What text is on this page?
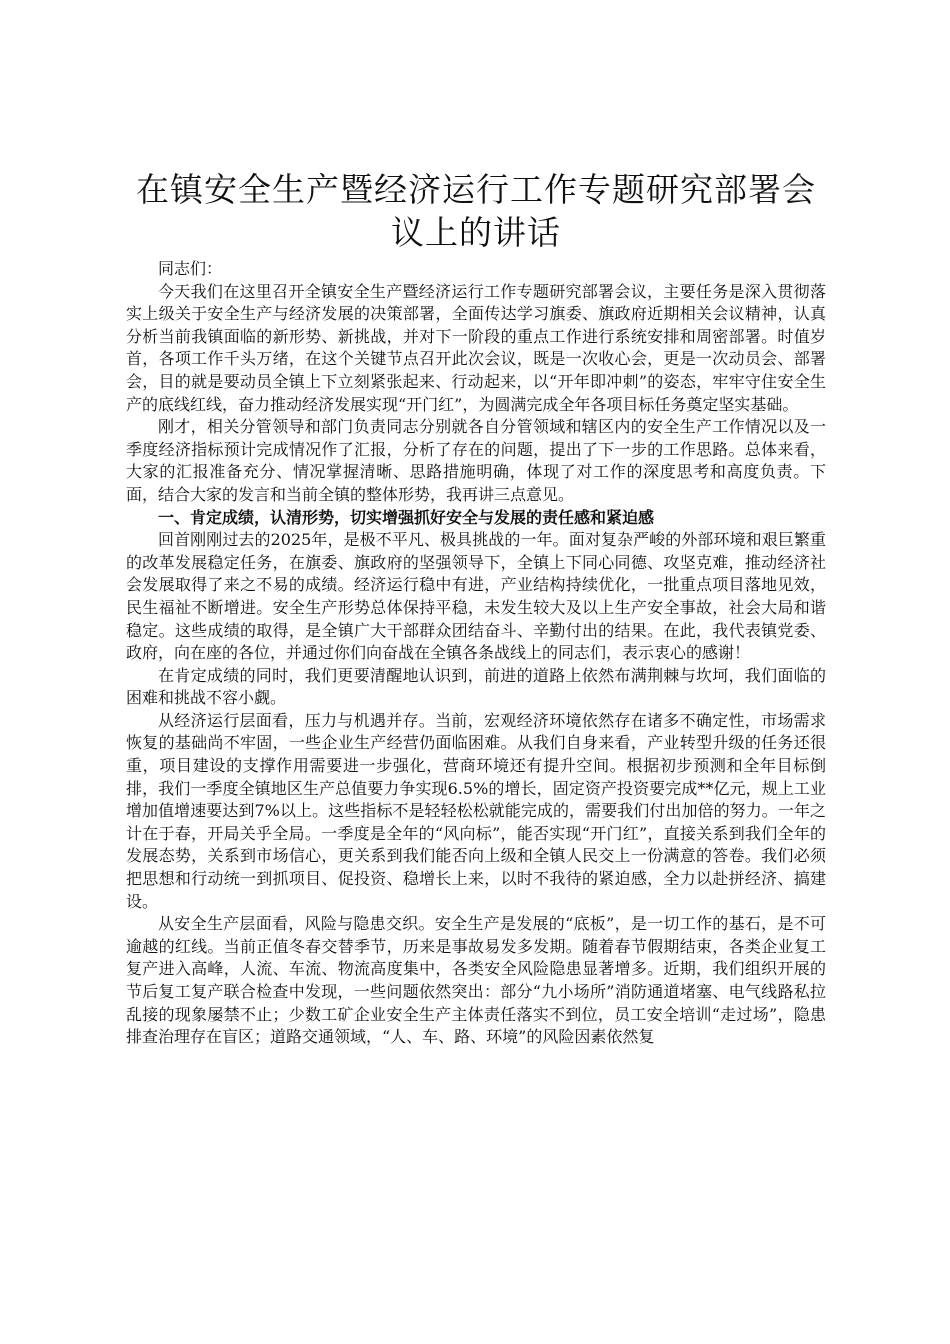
在镇安全生产暨经济运行工作专题研究部署会议上的讲话

同志们：

今天我们在这里召开全镇安全生产暨经济运行工作专题研究部署会议，主要任务是深入贯彻落实上级关于安全生产与经济发展的决策部署，全面传达学习旗委、旗政府近期相关会议精神，认真分析当前我镇面临的新形势、新挑战，并对下一阶段的重点工作进行系统安排和周密部署。时值岁首，各项工作千头万绪，在这个关键节点召开此次会议，既是一次收心会，更是一次动员会、部署会，目的就是要动员全镇上下立刻紧张起来、行动起来，以“开年即冲刺”的姿态，牢牢守住安全生产的底线红线，奋力推动经济发展实现“开门红”，为圆满完成全年各项目标任务奠定坚实基础。

刚才，相关分管领导和部门负责同志分别就各自分管领域和辖区内的安全生产工作情况以及一季度经济指标预计完成情况作了汇报，分析了存在的问题，提出了下一步的工作思路。总体来看，大家的汇报准备充分、情况掌握清晰、思路措施明确，体现了对工作的深度思考和高度负责。下面，结合大家的发言和当前全镇的整体形势，我再讲三点意见。

一、肯定成绩，认清形势，切实增强抓好安全与发展的责任感和紧迫感

回首刚刚过去的2025年，是极不平凡、极具挑战的一年。面对复杂严峻的外部环境和艰巨繁重的改革发展稳定任务，在旗委、旗政府的坚强领导下，全镇上下同心同德、攻坚克难，推动经济社会发展取得了来之不易的成绩。经济运行稳中有进，产业结构持续优化，一批重点项目落地见效，民生福祉不断增进。安全生产形势总体保持平稳，未发生较大及以上生产安全事故，社会大局和谐稳定。这些成绩的取得，是全镇广大干部群众团结奋斗、辛勤付出的结果。在此，我代表镇党委、政府，向在座的各位，并通过你们向奋战在全镇各条战线上的同志们，表示衷心的感谢！

在肯定成绩的同时，我们更要清醒地认识到，前进的道路上依然布满荆棘与坎坷，我们面临的困难和挑战不容小觑。

从经济运行层面看，压力与机遇并存。当前，宏观经济环境依然存在诸多不确定性，市场需求恢复的基础尚不牢固，一些企业生产经营仍面临困难。从我们自身来看，产业转型升级的任务还很重，项目建设的支撑作用需要进一步强化，营商环境还有提升空间。根据初步预测和全年目标倒排，我们一季度全镇地区生产总值要力争实现6.5%的增长，固定资产投资要完成**亿元，规上工业增加值增速要达到7%以上。这些指标不是轻轻松松就能完成的，需要我们付出加倍的努力。一年之计在于春，开局关乎全局。一季度是全年的“风向标”，能否实现“开门红”，直接关系到我们全年的发展态势，关系到市场信心，更关系到我们能否向上级和全镇人民交上一份满意的答卷。我们必须把思想和行动统一到抓项目、促投资、稳增长上来，以时不我待的紧迫感，全力以赴拼经济、搞建设。

从安全生产层面看，风险与隐患交织。安全生产是发展的“底板”，是一切工作的基石，是不可逾越的红线。当前正值冬春交替季节，历来是事故易发多发期。随着春节假期结束，各类企业复工复产进入高峰，人流、车流、物流高度集中，各类安全风险隐患显著增多。近期，我们组织开展的节后复工复产联合检查中发现，一些问题依然突出：部分“九小场所”消防通道堵塞、电气线路私拉乱接的现象屡禁不止；少数工矿企业安全生产主体责任落实不到位，员工安全培训“走过场”，隐患排查治理存在盲区；道路交通领域，“人、车、路、环境”的风险因素依然复
